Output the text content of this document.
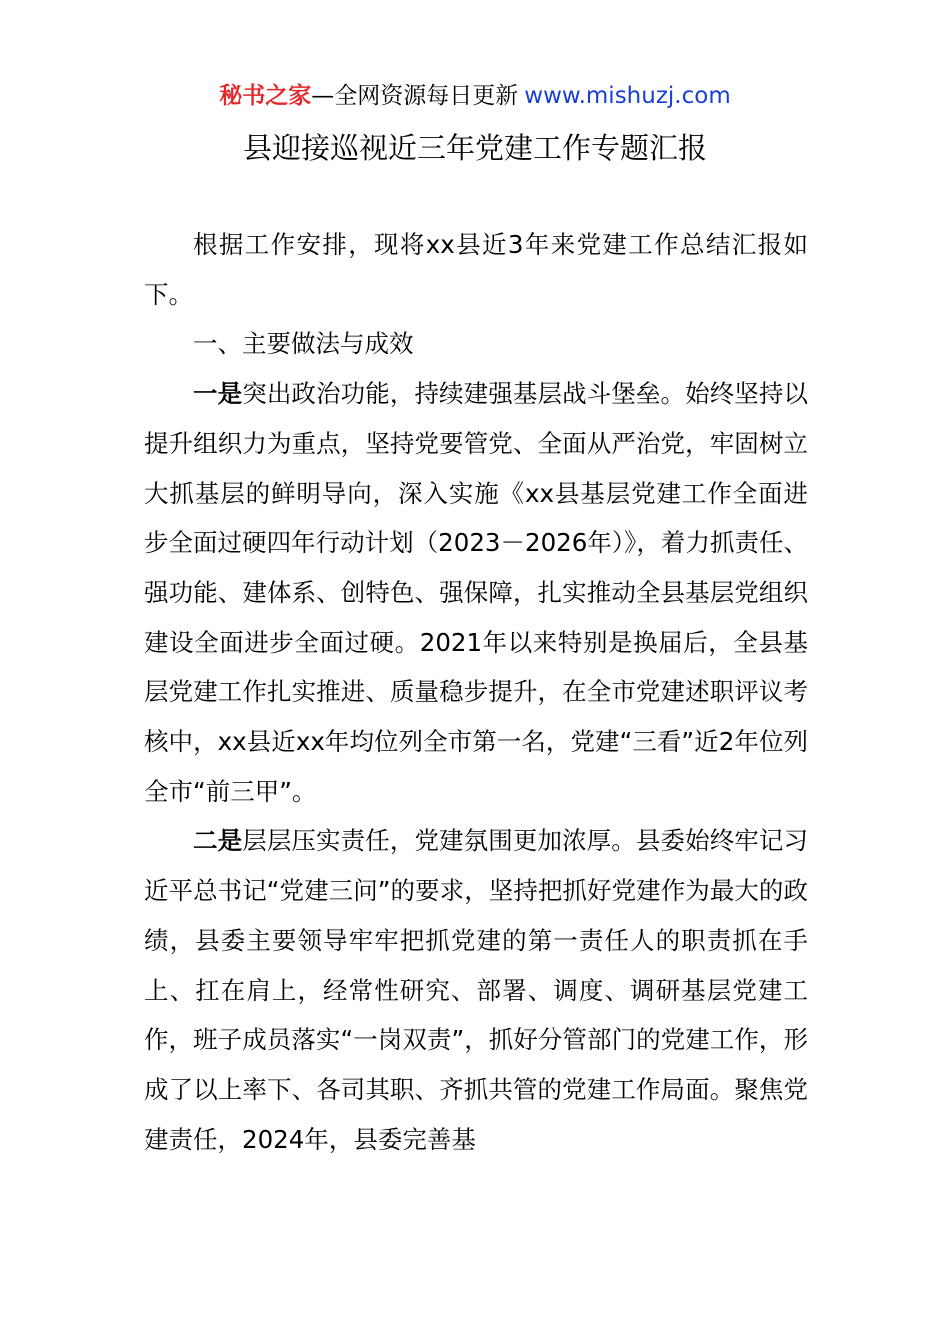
秘书之家—全网资源每日更新 www.mishuzj.com
县迎接巡视近三年党建工作专题汇报

根据工作安排，现将xx县近3年来党建工作总结汇报如下。

一、主要做法与成效

一是突出政治功能，持续建强基层战斗堡垒。始终坚持以提升组织力为重点，坚持党要管党、全面从严治党，牢固树立大抓基层的鲜明导向，深入实施《xx县基层党建工作全面进步全面过硬四年行动计划（2023－2026年）》，着力抓责任、强功能、建体系、创特色、强保障，扎实推动全县基层党组织建设全面进步全面过硬。2021年以来特别是换届后，全县基层党建工作扎实推进、质量稳步提升，在全市党建述职评议考核中，xx县近xx年均位列全市第一名，党建“三看”近2年位列全市“前三甲”。

二是层层压实责任，党建氛围更加浓厚。县委始终牢记习近平总书记“党建三问”的要求，坚持把抓好党建作为最大的政绩，县委主要领导牢牢把抓党建的第一责任人的职责抓在手上、扛在肩上，经常性研究、部署、调度、调研基层党建工作，班子成员落实“一岗双责”，抓好分管部门的党建工作，形成了以上率下、各司其职、齐抓共管的党建工作局面。聚焦党建责任，2024年，县委完善基
